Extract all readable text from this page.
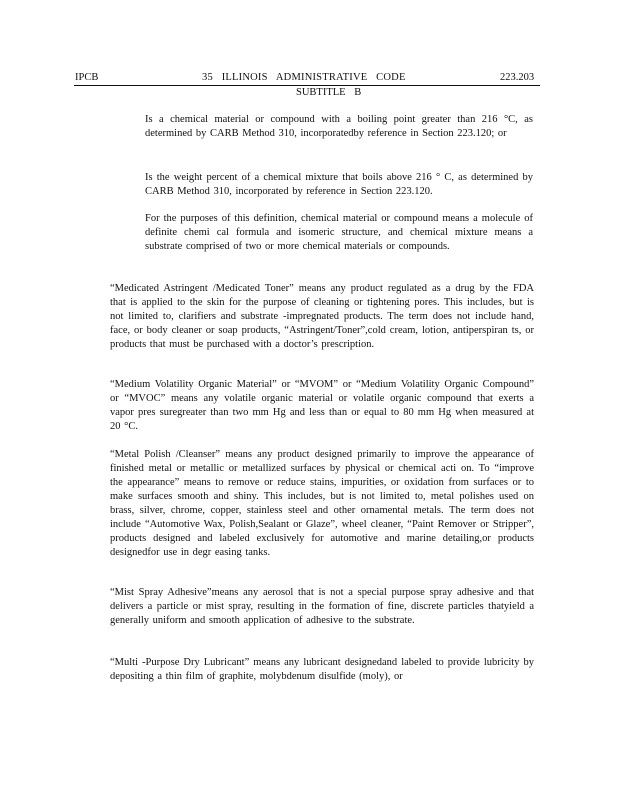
IPCB	35 ILLINOIS ADMINISTRATIVE CODE	223.203
SUBTITLE B

Is a chemical material or compound with a boiling point greater than 216 °C, as determined by CARB Method 310, incorporatedby reference in Section 223.120; or

Is the weight percent of a chemical mixture that boils above 216 ° C, as determined by CARB Method 310, incorporated by reference in Section 223.120.

For the purposes of this definition, chemical material or compound means a molecule of definite chemi cal formula and isomeric structure, and chemical mixture means a substrate comprised of two or more chemical materials or compounds.

“Medicated Astringent /Medicated Toner” means any product regulated as a drug by the FDA that is applied to the skin for the purpose of cleaning or tightening pores. This includes, but is not limited to, clarifiers and substrate -impregnated products. The term does not include hand, face, or body cleaner or soap products, “Astringent/Toner”,cold cream, lotion, antiperspiran ts, or products that must be purchased with a doctor’s prescription.

“Medium Volatility Organic Material” or “MVOM” or “Medium Volatility Organic Compound” or “MVOC” means any volatile organic material or volatile organic compound that exerts a vapor pres suregreater than two mm Hg and less than or equal to 80 mm Hg when measured at 20 °C.

“Metal Polish /Cleanser” means any product designed primarily to improve the appearance of finished metal or metallic or metallized surfaces by physical or chemical acti on. To “improve the appearance” means to remove or reduce stains, impurities, or oxidation from surfaces or to make surfaces smooth and shiny. This includes, but is not limited to, metal polishes used on brass, silver, chrome, copper, stainless steel and other ornamental metals. The term does not include “Automotive Wax, Polish,Sealant or Glaze”, wheel cleaner, “Paint Remover or Stripper”, products designed and labeled exclusively for automotive and marine detailing,or products designedfor use in degr easing tanks.

“Mist Spray Adhesive”means any aerosol that is not a special purpose spray adhesive and that delivers a particle or mist spray, resulting in the formation of fine, discrete particles thatyield a generally uniform and smooth application of adhesive to the substrate.

“Multi -Purpose Dry Lubricant” means any lubricant designedand labeled to provide lubricity by depositing a thin film of graphite, molybdenum disulfide (moly), or
